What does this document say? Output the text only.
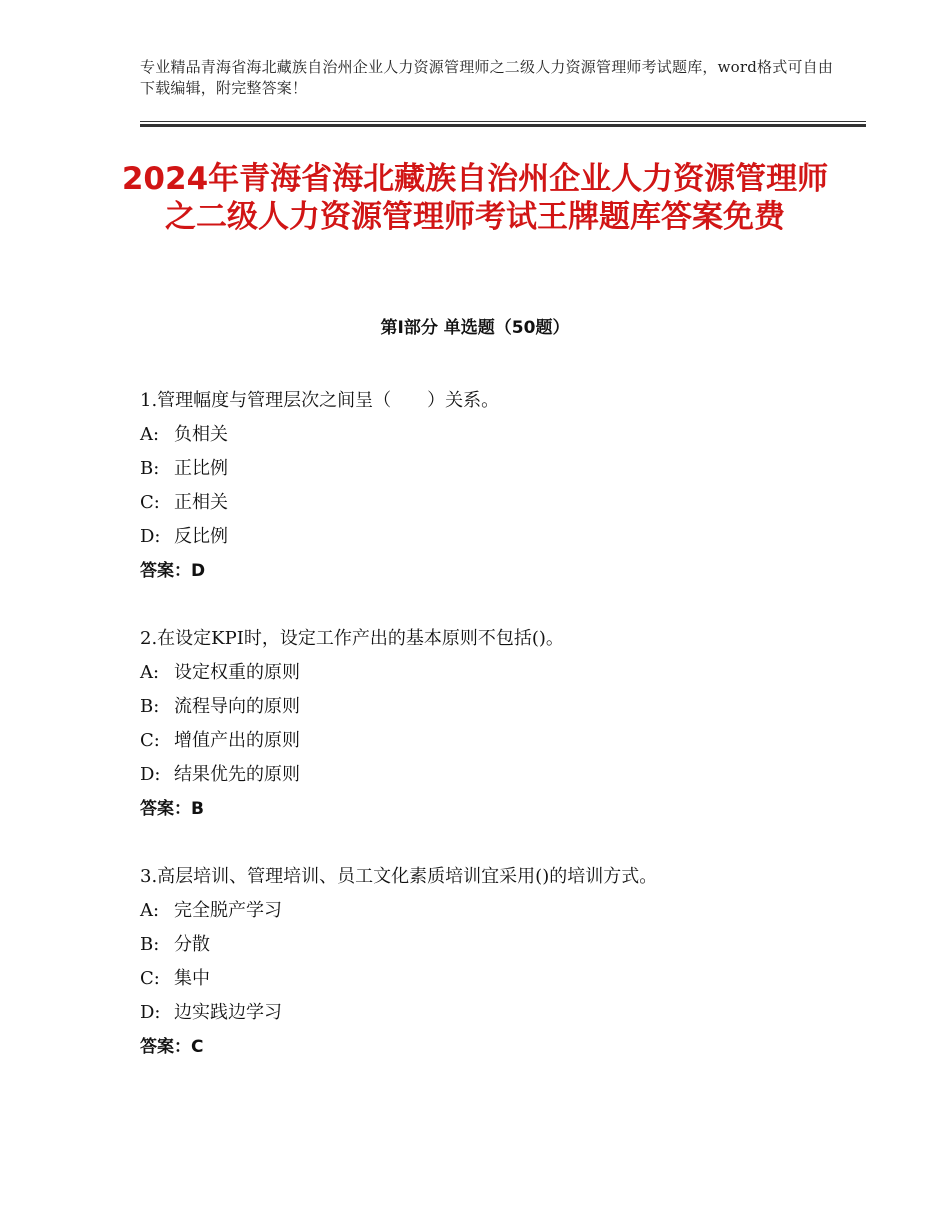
专业精品青海省海北藏族自治州企业人力资源管理师之二级人力资源管理师考试题库，word格式可自由下载编辑，附完整答案！
2024年青海省海北藏族自治州企业人力资源管理师之二级人力资源管理师考试王牌题库答案免费
第Ⅰ部分 单选题（50题）
1.管理幅度与管理层次之间呈（　　）关系。
A: 负相关
B: 正比例
C: 正相关
D: 反比例
答案：D
2.在设定KPI时，设定工作产出的基本原则不包括()。
A: 设定权重的原则
B: 流程导向的原则
C: 增值产出的原则
D: 结果优先的原则
答案：B
3.高层培训、管理培训、员工文化素质培训宜采用()的培训方式。
A: 完全脱产学习
B: 分散
C: 集中
D: 边实践边学习
答案：C
